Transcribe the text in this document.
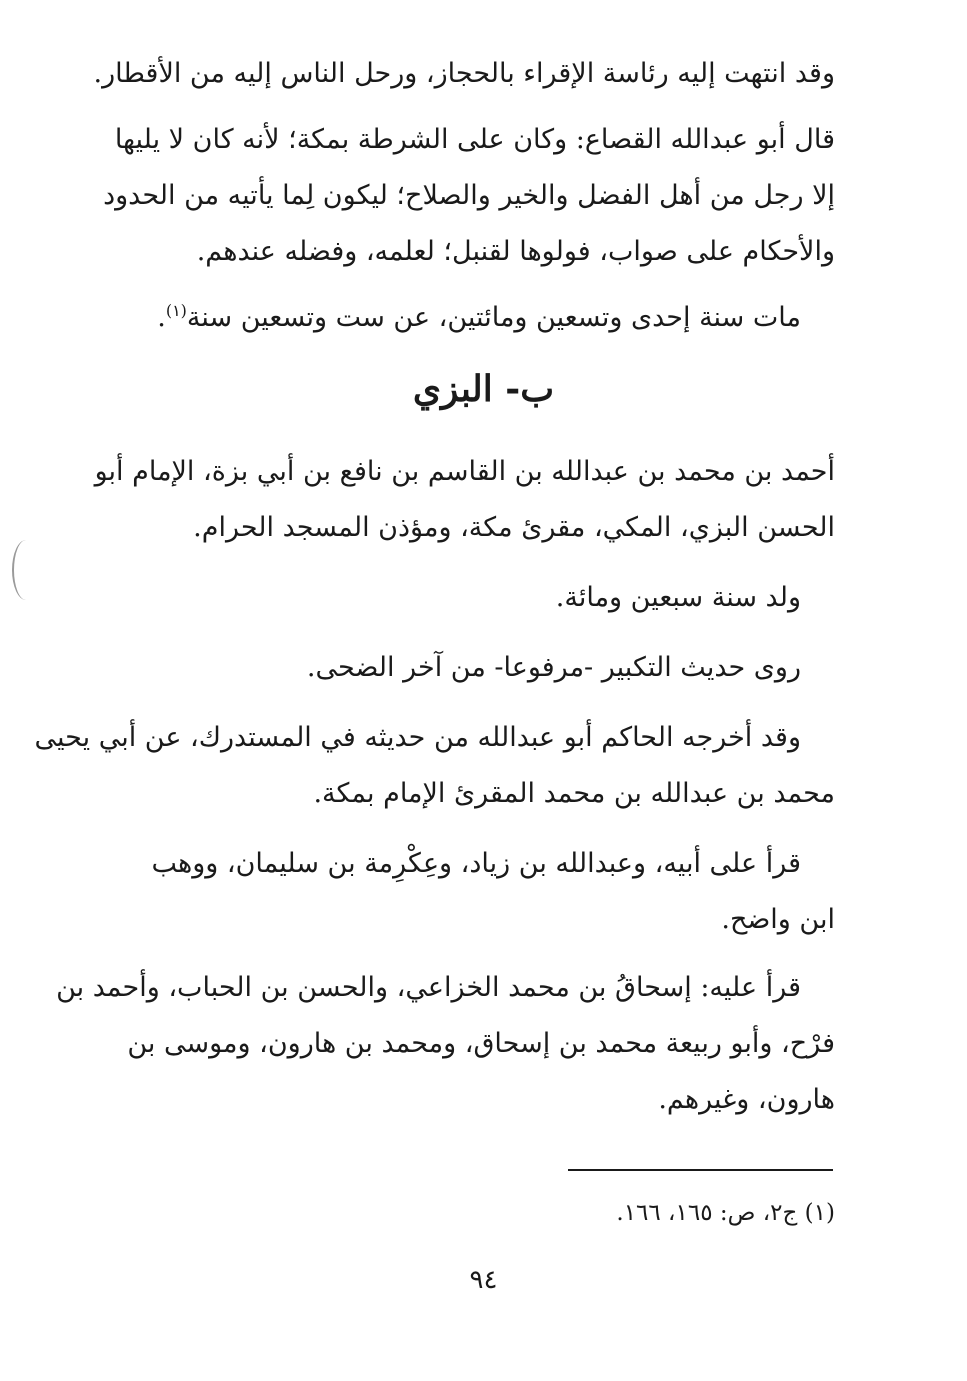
وقد انتهت إليه رئاسة الإقراء بالحجاز، ورحل الناس إليه من الأقطار.
قال أبو عبدالله القصاع: وكان على الشرطة بمكة؛ لأنه كان لا يليها
إلا رجل من أهل الفضل والخير والصلاح؛ ليكون لِما يأتيه من الحدود
والأحكام على صواب، فولوها لقنبل؛ لعلمه، وفضله عندهم.
مات سنة إحدى وتسعين ومائتين، عن ست وتسعين سنة$^{(١)}$.
ب- البزي
أحمد بن محمد بن عبدالله بن القاسم بن نافع بن أبي بزة، الإمام أبو
الحسن البزي، المكي، مقرئ مكة، ومؤذن المسجد الحرام.
ولد سنة سبعين ومائة.
روى حديث التكبير -مرفوعا- من آخر الضحى.
وقد أخرجه الحاكم أبو عبدالله من حديثه في المستدرك، عن أبي يحيى
محمد بن عبدالله بن محمد المقرئ الإمام بمكة.
قرأ على أبيه، وعبدالله بن زياد، وعِكْرِمة بن سليمان، ووهب
ابن واضح.
قرأ عليه: إسحاقُ بن محمد الخزاعي، والحسن بن الحباب، وأحمد بن
فرْح، وأبو ربيعة محمد بن إسحاق، ومحمد بن هارون، وموسى بن
هارون، وغيرهم.
(١) ج٢، ص: ١٦٥، ١٦٦.
٩٤
